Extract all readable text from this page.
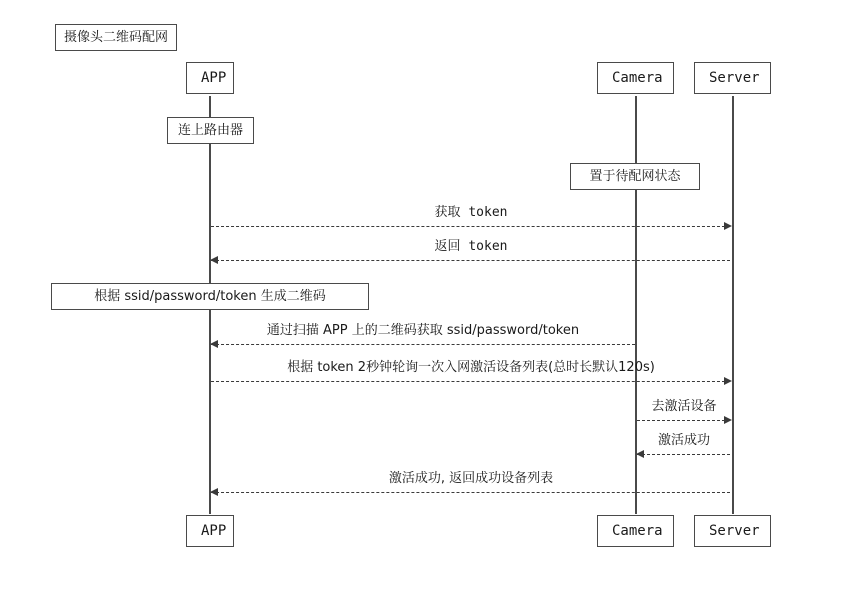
摄像头二维码配网
APP	Camera	Server
APP	Camera	Server
连上路由器
置于待配网状态
获取 token
返回 token
根据 ssid/password/token 生成二维码
通过扫描 APP 上的二维码获取 ssid/password/token
根据 token 2秒钟轮询一次入网激活设备列表(总时长默认120s)
去激活设备
激活成功
激活成功, 返回成功设备列表
